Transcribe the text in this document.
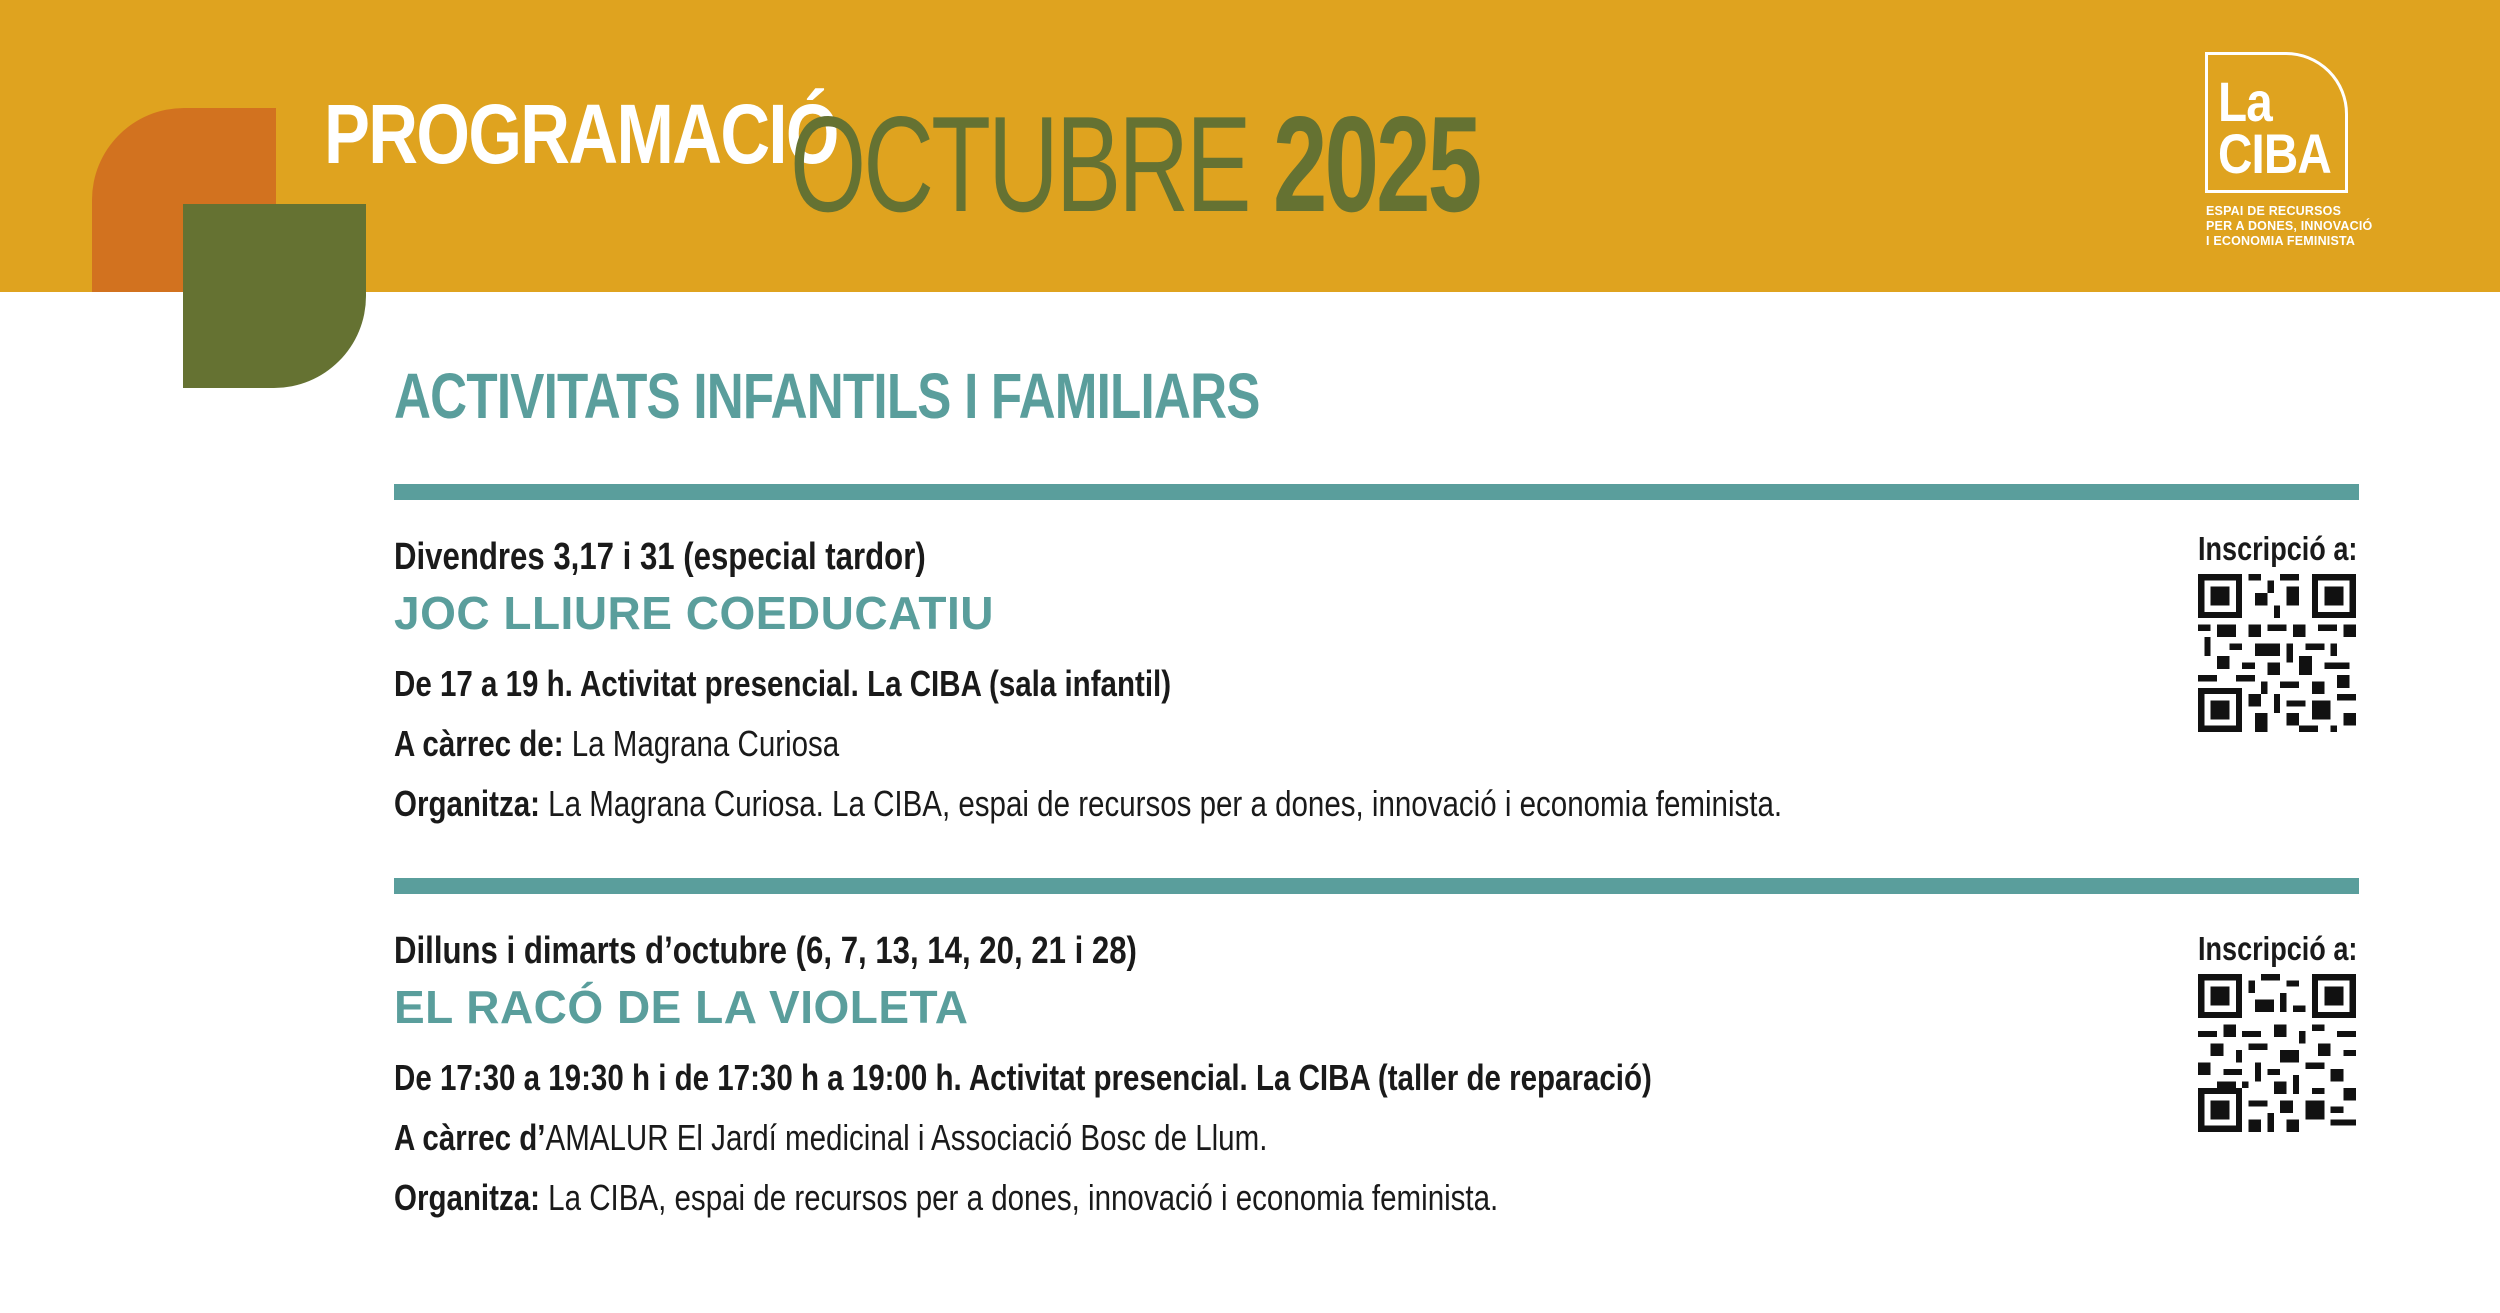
PROGRAMACIÓ
OCTUBRE 2025	La
CIBA
ESPAI DE RECURSOS
PER A DONES, INNOVACIÓ
I ECONOMIA FEMINISTA
ACTIVITATS INFANTILS I FAMILIARS
Divendres 3,17 i 31 (especial tardor)
JOC LLIURE COEDUCATIU
De 17 a 19 h. Activitat presencial. La CIBA (sala infantil)
A càrrec de: La Magrana Curiosa
Organitza: La Magrana Curiosa. La CIBA, espai de recursos per a dones, innovació i economia feminista.
Inscripció a:
Dilluns i dimarts d’octubre (6, 7, 13, 14, 20, 21 i 28)
EL RACÓ DE LA VIOLETA
De 17:30 a 19:30 h i de 17:30 h a 19:00 h. Activitat presencial. La CIBA (taller de reparació)
A càrrec d’AMALUR El Jardí medicinal i Associació Bosc de Llum.
Organitza: La CIBA, espai de recursos per a dones, innovació i economia feminista.
Inscripció a:
